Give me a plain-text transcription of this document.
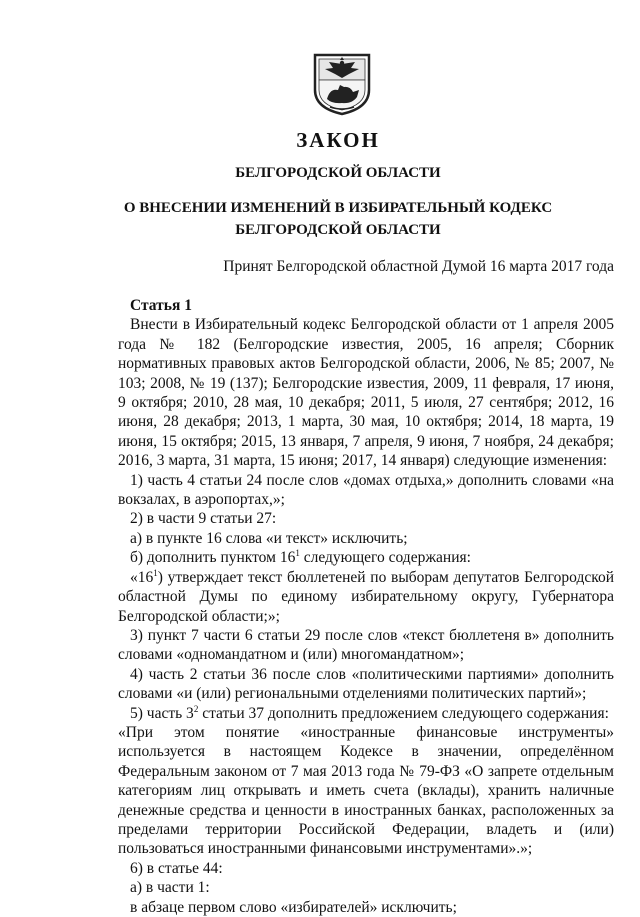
ЗАКОН
БЕЛГОРОДСКОЙ ОБЛАСТИ
О ВНЕСЕНИИ ИЗМЕНЕНИЙ В ИЗБИРАТЕЛЬНЫЙ КОДЕКС
БЕЛГОРОДСКОЙ ОБЛАСТИ
Принят Белгородской областной Думой 16 марта 2017 года
Статья 1

Внести в Избирательный кодекс Белгородской области от 1 апреля 2005 года № 182 (Белгородские известия, 2005, 16 апреля; Сборник нормативных правовых актов Белгородской области, 2006, № 85; 2007, № 103; 2008, № 19 (137); Белгородские известия, 2009, 11 февраля, 17 июня, 9 октября; 2010, 28 мая, 10 декабря; 2011, 5 июля, 27 сентября; 2012, 16 июня, 28 декабря; 2013, 1 марта, 30 мая, 10 октября; 2014, 18 марта, 19 июня, 15 октября; 2015, 13 января, 7 апреля, 9 июня, 7 ноября, 24 декабря; 2016, 3 марта, 31 марта, 15 июня; 2017, 14 января) следующие изменения:

1) часть 4 статьи 24 после слов «домах отдыха,» дополнить словами «на вокзалах, в аэропортах,»;

2) в части 9 статьи 27:

а) в пункте 16 слова «и текст» исключить;

б) дополнить пунктом $16^1$ следующего содержания:

«$16^1$) утверждает текст бюллетеней по выборам депутатов Белгородской областной Думы по единому избирательному округу, Губернатора Белгородской области;»;

3) пункт 7 части 6 статьи 29 после слов «текст бюллетеня в» дополнить словами «одномандатном и (или) многомандатном»;

4) часть 2 статьи 36 после слов «политическими партиями» дополнить словами «и (или) региональными отделениями политических партий»;

5) часть $3^2$ статьи 37 дополнить предложением следующего содержания:

«При этом понятие «иностранные финансовые инструменты» используется в настоящем Кодексе в значении, определённом Федеральным законом от 7 мая 2013 года № 79-ФЗ «О запрете отдельным категориям лиц открывать и иметь счета (вклады), хранить наличные денежные средства и ценности в иностранных банках, расположенных за пределами территории Российской Федерации, владеть и (или) пользоваться иностранными финансовыми инструментами».»;

6) в статье 44:

а) в части 1:

в абзаце первом слово «избирателей» исключить;
